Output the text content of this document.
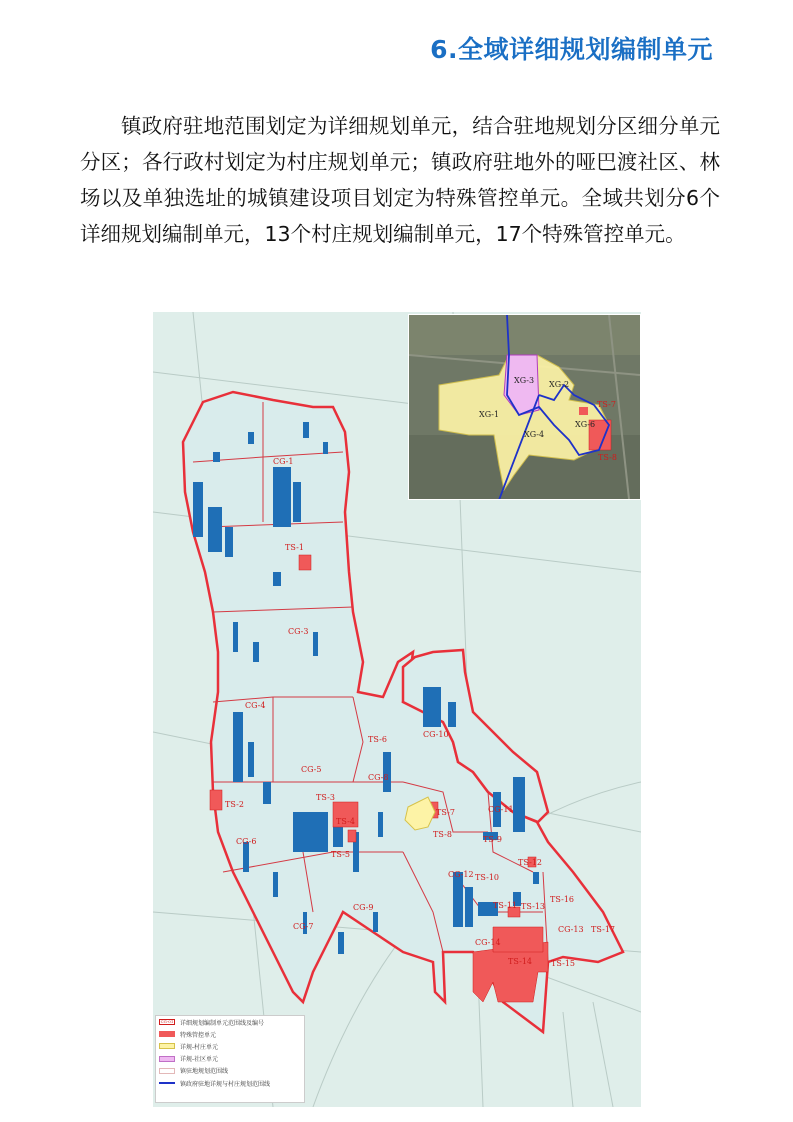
6.全域详细规划编制单元

镇政府驻地范围划定为详细规划单元，结合驻地规划分区细分单元分区；各行政村划定为村庄规划单元；镇政府驻地外的哑巴渡社区、林场以及单独选址的城镇建设项目划定为特殊管控单元。全域共划分6个详细规划编制单元，13个村庄规划编制单元，17个特殊管控单元。

CG-1
TS-1
CG-3
CG-4
CG-5
TS-2
TS-3
TS-4
CG-6
TS-5
CG-7
TS-6
CG-8
CG-10
CG-11
TS-7
TS-8
TS-9
CG-9
CG-12 TS-10
TS-12
TS-11 TS-13
TS-16
CG-14
TS-14 TS-15
CG-13 TS-17
XG-3 XG-2
XG-1
XG-4
XG-6
TS-7
TS-8
CG-01 详细规划编制单元范围线及编号
特殊管控单元
详规-村庄单元
详规-社区单元
镇驻地规划范围线
镇政府驻地详规与村庄规划范围线
